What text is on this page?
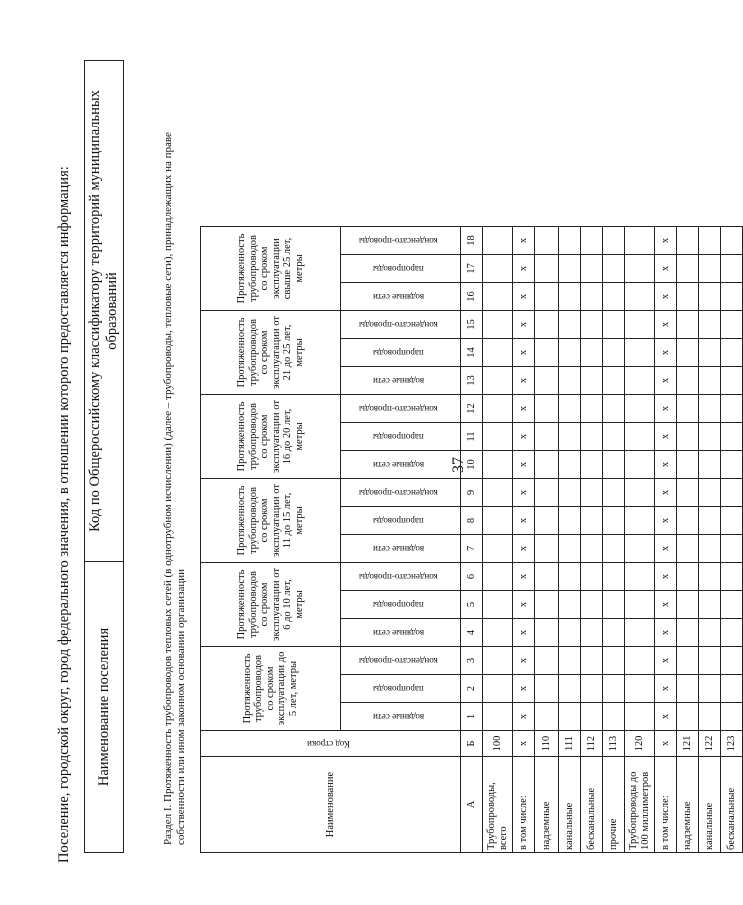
37
Поселение, городской округ, город федерального значения, в отношении которого предоставляется информация: Наименование поселения	Код по Общероссийскому классификатору территорий муниципальных образований	Раздел I. Протяженность трубопроводов тепловых сетей (в однотрубном исчислении) (далее – трубопроводы, тепловые сети), принадлежащих на праве собственности или ином законном основании организации	Наименование	Код строки	Протяженность трубопроводов со сроком эксплуатации до 5 лет, метры			Протяженность трубопроводов со сроком эксплуатации от 6 до 10 лет, метры			Протяженность трубопроводов со сроком эксплуатации от 11 до 15 лет, метры			Протяженность трубопроводов со сроком эксплуатации от 16 до 20 лет, метры			Протяженность трубопроводов со сроком эксплуатации от 21 до 25 лет, метры			Протяженность трубопроводов со сроком эксплуатации свыше 25 лет, метры		
		водяные сети	паропроводы	конденсато-проводы	водяные сети	паропроводы	конденсато-проводы	водяные сети	паропроводы	конденсато-проводы	водяные сети	паропроводы	конденсато-проводы	водяные сети	паропроводы	конденсато-проводы	водяные сети	паропроводы	конденсато-проводы
А	Б	1	2	3	4	5	6	7	8	9	10	11	12	13	14	15	16	17	18
Трубопроводы, всего	100																		
в том числе:	х	х	х	х	х	х	х	х	х	х	х	х	х	х	х	х	х	х	х
надземные	110																		
канальные	111																		
бесканальные	112																		
прочие	113																		
Трубопроводы до 100 миллиметров	120																		
в том числе:	х	х	х	х	х	х	х	х	х	х	х	х	х	х	х	х	х	х	х
надземные	121																		
канальные	122																		
бесканальные	123																		
